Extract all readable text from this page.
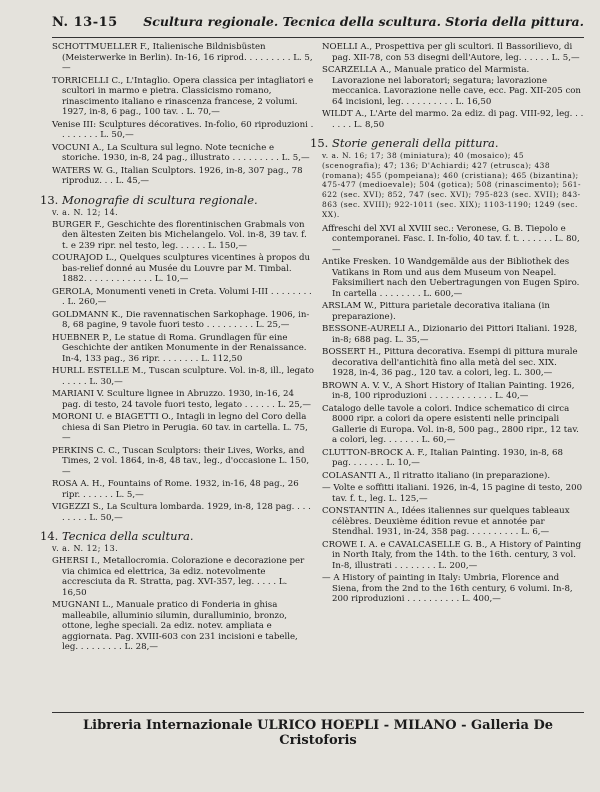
N. 13-15 Scultura regionale. Tecnica della scultura. Storia della pittura.

SCHOTTMUELLER F., Italienische Bildnisbüsten (Meisterwerke in Berlin). In-16, 16 riprod. . . . . . . . . L. 5,—

TORRICELLI C., L'Intaglio. Opera classica per intagliatori e scultori in marmo e pietra. Classicismo romano, rinascimento italiano e rinascenza francese, 2 volumi. 1927, in-8, 6 pag., 100 tav. . L. 70,—

Venise III: Sculptures décoratives. In-folio, 60 riproduzioni . . . . . . . . L. 50,—

VOCUNI A., La Scultura sul legno. Note tecniche e storiche. 1930, in-8, 24 pag., illustrato . . . . . . . . . L. 5,—

WATERS W. G., Italian Sculptors. 1926, in-8, 307 pag., 78 riproduz. . . L. 45,—

13. Monografie di scultura regionale.

v. a. N. 12; 14.

BURGER F., Geschichte des florentinischen Grabmals von den ältesten Zeiten bis Michelangelo. Vol. in-8, 39 tav. f. t. e 239 ripr. nel testo, leg. . . . . . L. 150,—

COURAJOD L., Quelques sculptures vicentines à propos du bas-relief donné au Musée du Louvre par M. Timbal. 1882. . . . . . . . . . . . . L. 10,—

GEROLA, Monumenti veneti in Creta. Volumi I-III . . . . . . . . . L. 260,—

GOLDMANN K., Die ravennatischen Sarkophage. 1906, in-8, 68 pagine, 9 tavole fuori testo . . . . . . . . . L. 25,—

HUEBNER P., Le statue di Roma. Grundlagen für eine Geschichte der antiken Monumente in der Renaissance. In-4, 133 pag., 36 ripr. . . . . . . . L. 112,50

HURLL ESTELLE M., Tuscan sculpture. Vol. in-8, ill., legato . . . . . L. 30,—

MARIANI V. Sculture lignee in Abruzzo. 1930, in-16, 24 pag. di testo, 24 tavole fuori testo, legato . . . . . . L. 25,—

MORONI U. e BIAGETTI O., Intagli in legno del Coro della chiesa di San Pietro in Perugia. 60 tav. in cartella. L. 75,—

PERKINS C. C., Tuscan Sculptors: their Lives, Works, and Times, 2 vol. 1864, in-8, 48 tav., leg., d'occasione L. 150,—

ROSA A. H., Fountains of Rome. 1932, in-16, 48 pag., 26 ripr. . . . . . . L. 5,—

VIGEZZI S., La Scultura lombarda. 1929, in-8, 128 pag. . . . . . . . . L. 50,—

14. Tecnica della scultura.

v. a. N. 12; 13.

GHERSI I., Metallocromia. Colorazione e decorazione per via chimica ed elettrica, 3a ediz. notevolmente accresciuta da R. Stratta, pag. XVI-357, leg. . . . . L. 16,50

MUGNANI L., Manuale pratico di Fonderia in ghisa malleabile, alluminio silumin, duralluminio, bronzo, ottone, leghe speciali. 2a ediz. notev. ampliata e aggiornata. Pag. XVIII-603 con 231 incisioni e tabelle, leg. . . . . . . . . L. 28,—

NOELLI A., Prospettiva per gli scultori. Il Bassorilievo, di pag. XII-78, con 53 disegni dell'Autore, leg. . . . . . L. 5,—

SCARZELLA A., Manuale pratico del Marmista. Lavorazione nei laboratori; segatura; lavorazione meccanica. Lavorazione nelle cave, ecc. Pag. XII-205 con 64 incisioni, leg. . . . . . . . . . L. 16,50

WILDT A., L'Arte del marmo. 2a ediz. di pag. VIII-92, leg. . . . . . . L. 8,50

15. Storie generali della pittura.

v. a. N. 16; 17; 38 (miniatura); 40 (mosaico); 45 (scenografia); 47; 136; D'Achiardi; 427 (etrusca); 438 (romana); 455 (pompeiana); 460 (cristiana); 465 (bizantina); 475-477 (medioevale); 504 (gotica); 508 (rinascimento); 561-622 (sec. XVI); 852, 747 (sec. XVI); 795-823 (sec. XVII); 843-863 (sec. XVIII); 922-1011 (sec. XIX); 1103-1190; 1249 (sec. XX).

Affreschi del XVI al XVIII sec.: Veronese, G. B. Tiepolo e contemporanei. Fasc. I. In-folio, 40 tav. f. t. . . . . . . L. 80,—

Antike Fresken. 10 Wandgemälde aus der Bibliothek des Vatikans in Rom und aus dem Museum von Neapel. Faksimiliert nach den Uebertragungen von Eugen Spiro. In cartella . . . . . . . . L. 600,—

ARSLAM W., Pittura parietale decorativa italiana (in preparazione).

BESSONE-AURELI A., Dizionario dei Pittori Italiani. 1928, in-8; 688 pag. L. 35,—

BOSSERT H., Pittura decorativa. Esempi di pittura murale decorativa dell'antichità fino alla metà del sec. XIX. 1928, in-4, 36 pag., 120 tav. a colori, leg. L. 300,—

BROWN A. V. V., A Short History of Italian Painting. 1926, in-8, 100 riproduzioni . . . . . . . . . . . . L. 40,—

Catalogo delle tavole a colori. Indice schematico di circa 8000 ripr. a colori da opere esistenti nelle principali Gallerie di Europa. Vol. in-8, 500 pag., 2800 ripr., 12 tav. a colori, leg. . . . . . . L. 60,—

CLUTTON-BROCK A. F., Italian Painting. 1930, in-8, 68 pag. . . . . . . L. 10,—

COLASANTI A., Il ritratto italiano (in preparazione).

— Volte e soffitti italiani. 1926, in-4, 15 pagine di testo, 200 tav. f. t., leg. L. 125,—

CONSTANTIN A., Idées italiennes sur quelques tableaux célèbres. Deuxième édition revue et annotée par Stendhal. 1931, in-24, 358 pag. . . . . . . . . . L. 6,—

CROWE I. A. e CAVALCASELLE G. B., A History of Painting in North Italy, from the 14th. to the 16th. century, 3 vol. In-8, illustrati . . . . . . . . L. 200,—

— A History of painting in Italy: Umbria, Florence and Siena, from the 2nd to the 16th century, 6 volumi. In-8, 200 riproduzioni . . . . . . . . . . L. 400,—

Libreria Internazionale ULRICO HOEPLI - MILANO - Galleria De Cristoforis
